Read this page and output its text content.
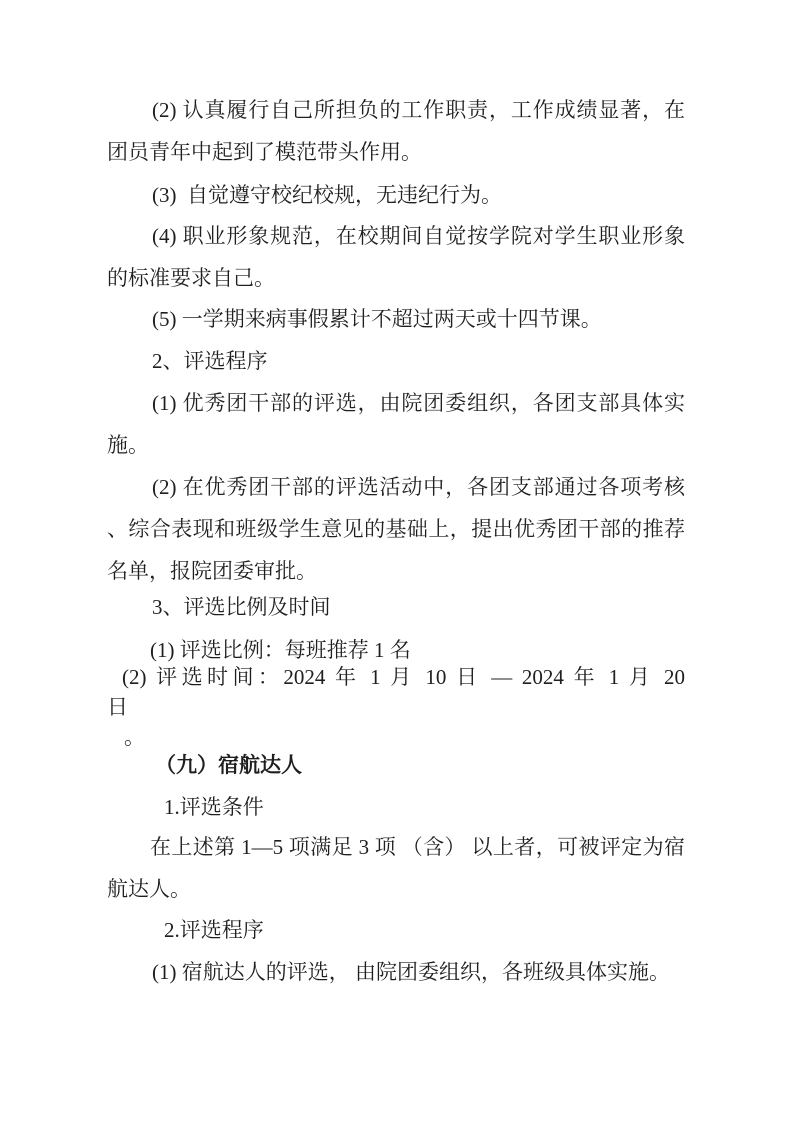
(2) 认真履行自己所担负的工作职责，工作成绩显著，在
团员青年中起到了模范带头作用。
(3)  自觉遵守校纪校规，无违纪行为。
(4) 职业形象规范，在校期间自觉按学院对学生职业形象
的标准要求自己。
(5) 一学期来病事假累计不超过两天或十四节课。
2、评选程序
(1) 优秀团干部的评选，由院团委组织，各团支部具体实
施。
(2) 在优秀团干部的评选活动中，各团支部通过各项考核
、综合表现和班级学生意见的基础上，提出优秀团干部的推荐
名单，报院团委审批。
3、评选比例及时间
(1) 评选比例：每班推荐 1 名
(2) 评选时间：2024 年 1 月 10 日 — 2024 年 1 月 20
日
。
（九）宿航达人
1.评选条件
在上述第 1—5 项满足 3 项 （含） 以上者，可被评定为宿
航达人。
2.评选程序
(1) 宿航达人的评选， 由院团委组织，各班级具体实施。
